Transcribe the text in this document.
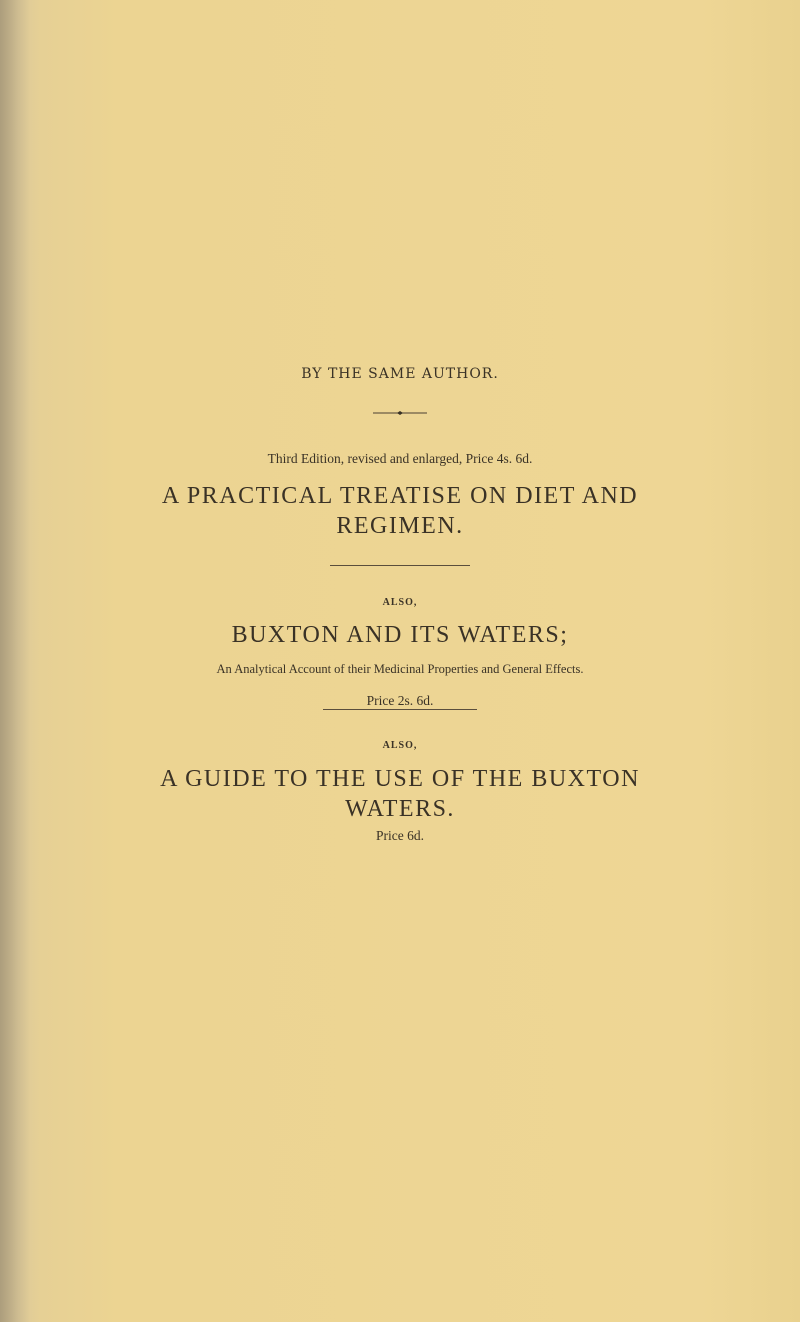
BY THE SAME AUTHOR.
Third Edition, revised and enlarged, Price 4s. 6d.
A PRACTICAL TREATISE ON DIET AND
REGIMEN.
ALSO,
BUXTON AND ITS WATERS;
An Analytical Account of their Medicinal Properties and General Effects.
Price 2s. 6d.
ALSO,
A GUIDE TO THE USE OF THE BUXTON
WATERS.
Price 6d.
